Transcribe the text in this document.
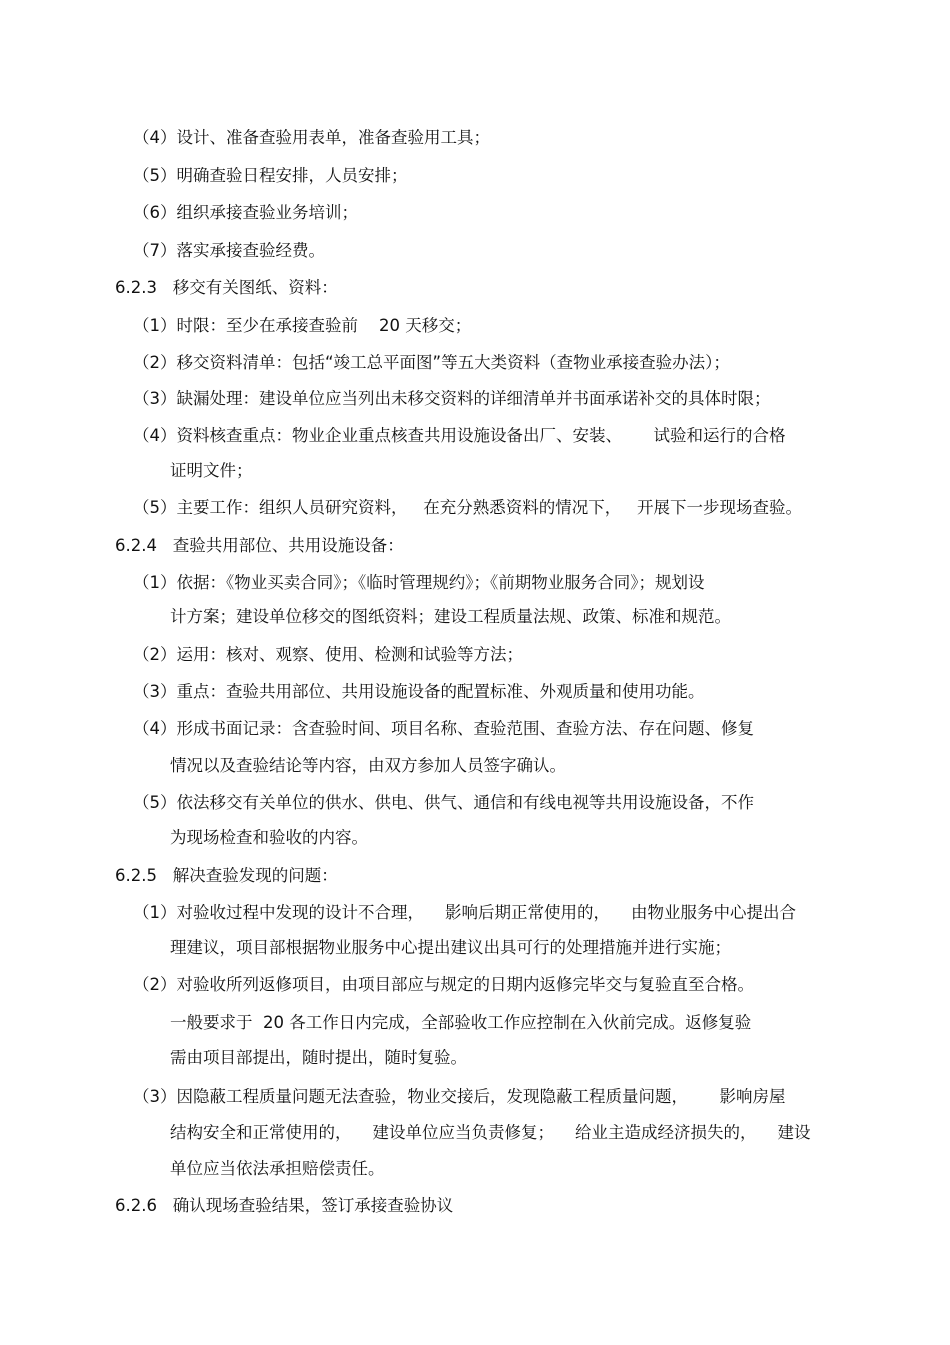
（4）设计、准备查验用表单，准备查验用工具；
（5）明确查验日程安排，人员安排；
（6）组织承接查验业务培训；
（7）落实承接查验经费。
6.2.3   移交有关图纸、资料：
（1）时限：至少在承接查验前    20 天移交；
（2）移交资料清单：包括“竣工总平面图”等五大类资料（查物业承接查验办法）；
（3）缺漏处理：建设单位应当列出未移交资料的详细清单并书面承诺补交的具体时限；
（4）资料核查重点：物业企业重点核查共用设施设备出厂、安装、      试验和运行的合格
证明文件；
（5）主要工作：组织人员研究资料，   在充分熟悉资料的情况下，   开展下一步现场查验。
6.2.4   查验共用部位、共用设施设备：
（1）依据：《物业买卖合同》；《临时管理规约》；《前期物业服务合同》；规划设
计方案；建设单位移交的图纸资料；建设工程质量法规、政策、标准和规范。
（2）运用：核对、观察、使用、检测和试验等方法；
（3）重点：查验共用部位、共用设施设备的配置标准、外观质量和使用功能。
（4）形成书面记录：含查验时间、项目名称、查验范围、查验方法、存在问题、修复
情况以及查验结论等内容，由双方参加人员签字确认。
（5）依法移交有关单位的供水、供电、供气、通信和有线电视等共用设施设备，不作
为现场检查和验收的内容。
6.2.5   解决查验发现的问题：
（1）对验收过程中发现的设计不合理，    影响后期正常使用的，    由物业服务中心提出合
理建议，项目部根据物业服务中心提出建议出具可行的处理措施并进行实施；
（2）对验收所列返修项目，由项目部应与规定的日期内返修完毕交与复验直至合格。
一般要求于  20 各工作日内完成，全部验收工作应控制在入伙前完成。返修复验
需由项目部提出，随时提出，随时复验。
（3）因隐蔽工程质量问题无法查验，物业交接后，发现隐蔽工程质量问题，      影响房屋
结构安全和正常使用的，    建设单位应当负责修复；    给业主造成经济损失的，    建设
单位应当依法承担赔偿责任。
6.2.6   确认现场查验结果，签订承接查验协议
